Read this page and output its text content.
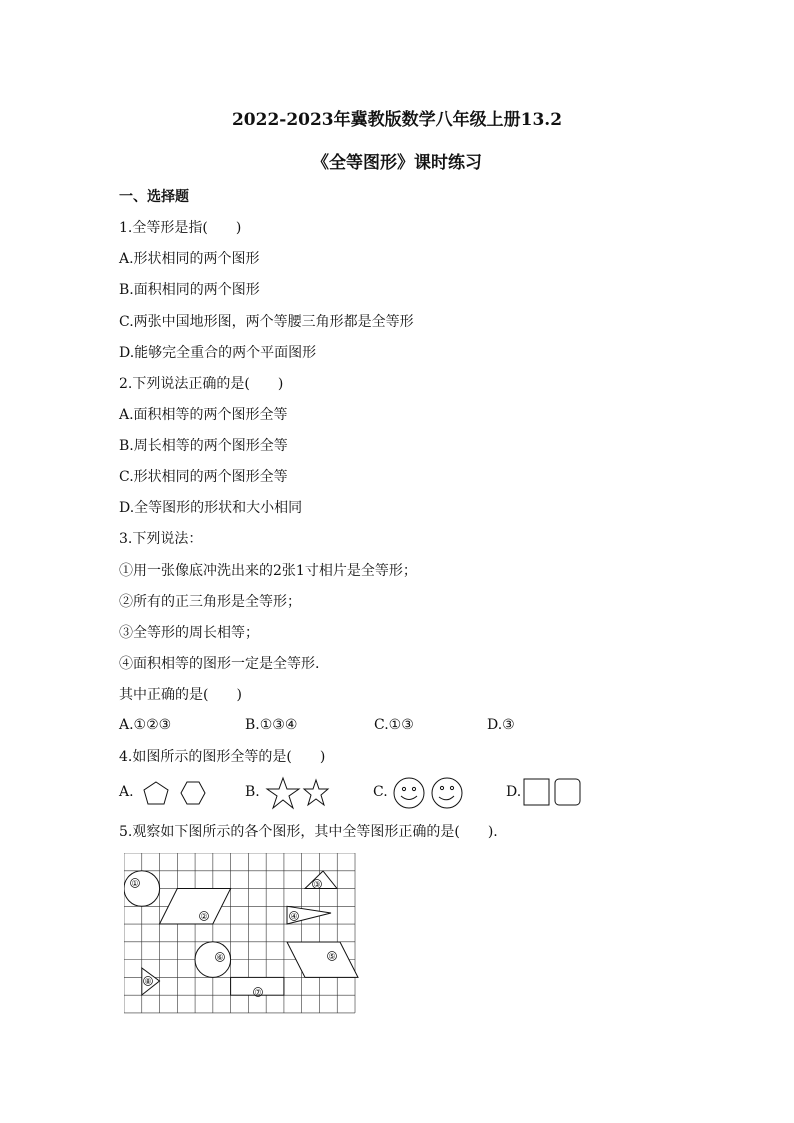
2022-2023年冀教版数学八年级上册13.2
《全等图形》课时练习
一、选择题
1.全等形是指(　　)
A.形状相同的两个图形
B.面积相同的两个图形
C.两张中国地形图，两个等腰三角形都是全等形
D.能够完全重合的两个平面图形
2.下列说法正确的是(　　)
A.面积相等的两个图形全等
B.周长相等的两个图形全等
C.形状相同的两个图形全等
D.全等图形的形状和大小相同
3.下列说法：
①用一张像底冲洗出来的2张1寸相片是全等形；
②所有的正三角形是全等形；
③全等形的周长相等；
④面积相等的图形一定是全等形.
其中正确的是(　　)
A.①②③	B.①③④	C.①③	D.③
4.如图所示的图形全等的是(　　)
A.	B.	C.	D.
5.观察如下图所示的各个图形，其中全等图形正确的是(　　).
①
②
③
④
⑤
⑥
⑦
⑧
